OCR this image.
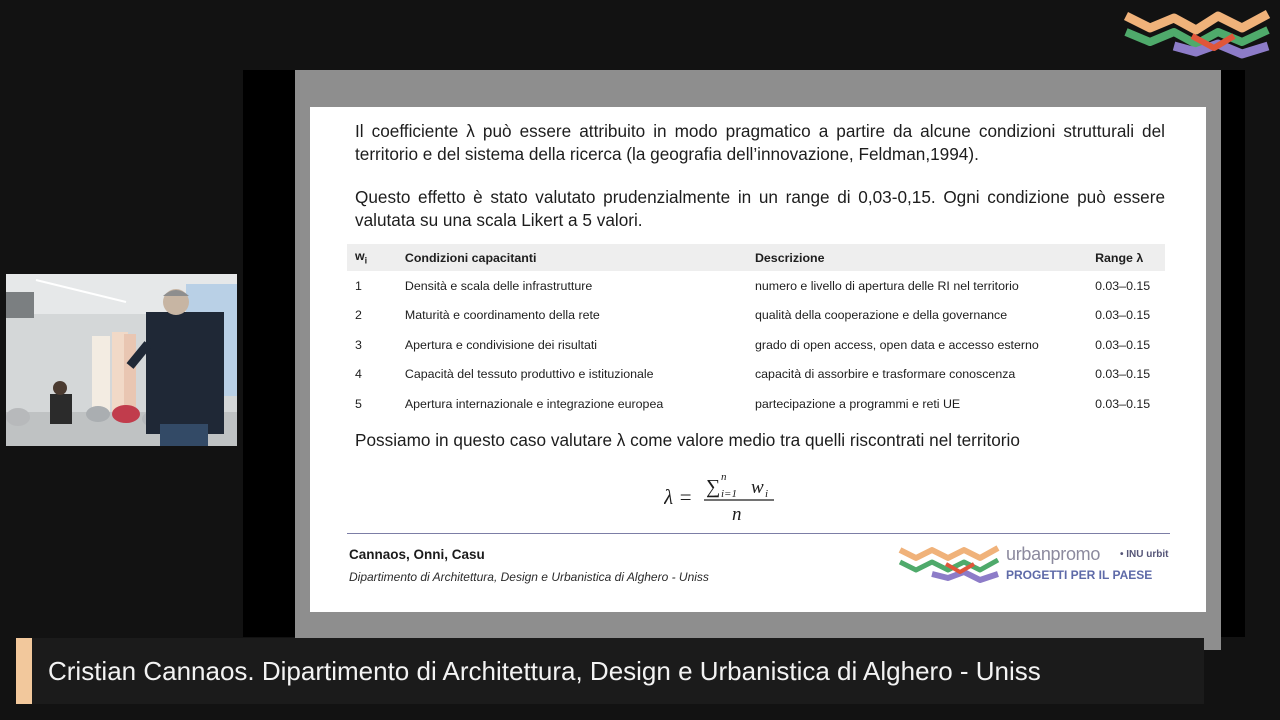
Il coefficiente λ può essere attribuito in modo pragmatico a partire da alcune condizioni strutturali del territorio e del sistema della ricerca (la geografia dell’innovazione, Feldman,1994).

Questo effetto è stato valutato prudenzialmente in un range di 0,03-0,15. Ogni condizione può essere valutata su una scala Likert a 5 valori.

$w_i$	Condizioni capacitanti	Descrizione	Range λ
1	Densità e scala delle infrastrutture	numero e livello di apertura delle RI nel territorio	0.03–0.15
2	Maturità e coordinamento della rete	qualità della cooperazione e della governance	0.03–0.15
3	Apertura e condivisione dei risultati	grado di open access, open data e accesso esterno	0.03–0.15
4	Capacità del tessuto produttivo e istituzionale	capacità di assorbire e trasformare conoscenza	0.03–0.15
5	Apertura internazionale e integrazione europea	partecipazione a programmi e reti UE	0.03–0.15

Possiamo in questo caso valutare λ come valore medio tra quelli riscontrati nel territorio

λ = ∑ n
i=1 w i
n
Cannaos, Onni, Casu
Dipartimento di Architettura, Design e Urbanistica di Alghero - Uniss
urbanpromo • INU urbit
PROGETTI PER IL PAESE
Cristian Cannaos. Dipartimento di Architettura, Design e Urbanistica di Alghero - Uniss
